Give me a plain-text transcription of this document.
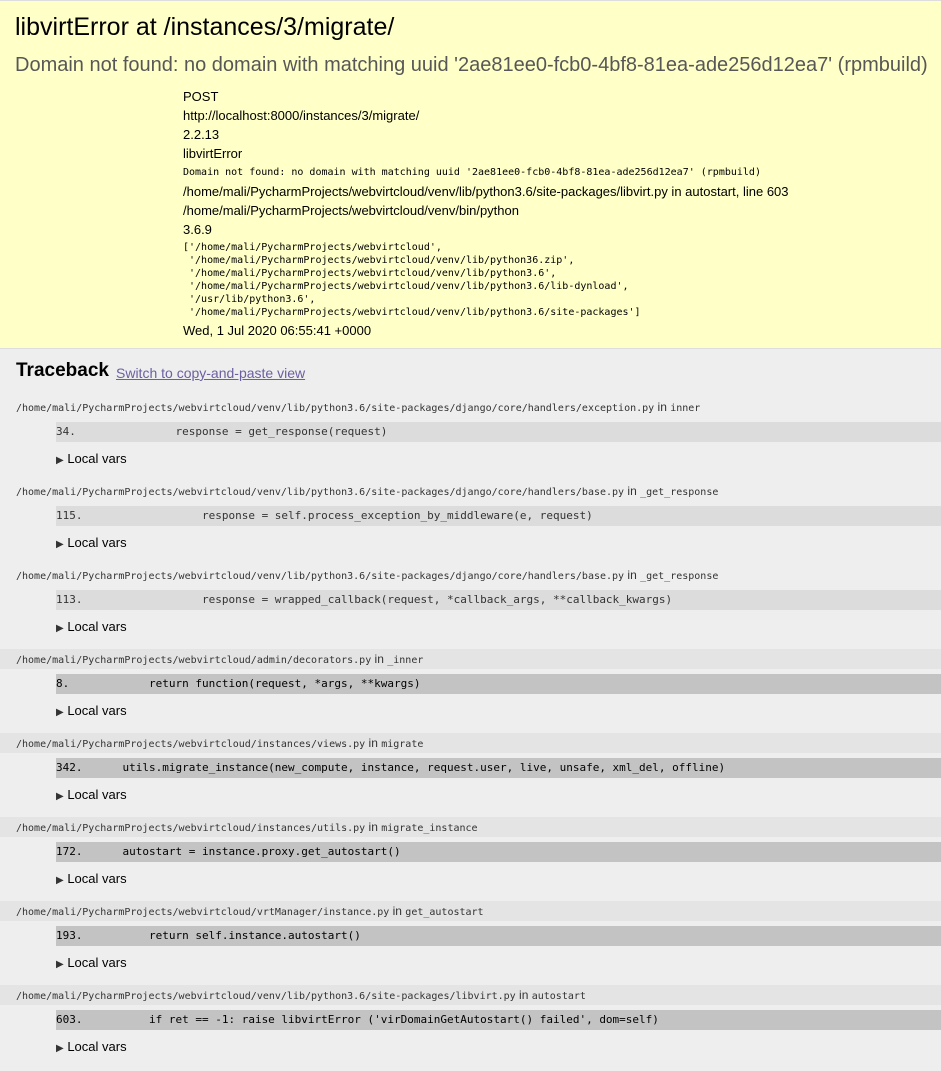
libvirtError at /instances/3/migrate/
Domain not found: no domain with matching uuid '2ae81ee0-fcb0-4bf8-81ea-ade256d12ea7' (rpmbuild)
POST
http://localhost:8000/instances/3/migrate/
2.2.13
libvirtError
Domain not found: no domain with matching uuid '2ae81ee0-fcb0-4bf8-81ea-ade256d12ea7' (rpmbuild)
/home/mali/PycharmProjects/webvirtcloud/venv/lib/python3.6/site-packages/libvirt.py in autostart, line 603
/home/mali/PycharmProjects/webvirtcloud/venv/bin/python
3.6.9
['/home/mali/PycharmProjects/webvirtcloud',
'/home/mali/PycharmProjects/webvirtcloud/venv/lib/python36.zip',
'/home/mali/PycharmProjects/webvirtcloud/venv/lib/python3.6',
'/home/mali/PycharmProjects/webvirtcloud/venv/lib/python3.6/lib-dynload',
'/usr/lib/python3.6',
'/home/mali/PycharmProjects/webvirtcloud/venv/lib/python3.6/site-packages']
Wed, 1 Jul 2020 06:55:41 +0000
Traceback Switch to copy-and-paste view
/home/mali/PycharmProjects/webvirtcloud/venv/lib/python3.6/site-packages/django/core/handlers/exception.py in inner
34. response = get_response(request)
▶ Local vars
/home/mali/PycharmProjects/webvirtcloud/venv/lib/python3.6/site-packages/django/core/handlers/base.py in _get_response
115. response = self.process_exception_by_middleware(e, request)
▶ Local vars
/home/mali/PycharmProjects/webvirtcloud/venv/lib/python3.6/site-packages/django/core/handlers/base.py in _get_response
113. response = wrapped_callback(request, *callback_args, **callback_kwargs)
▶ Local vars
/home/mali/PycharmProjects/webvirtcloud/admin/decorators.py in _inner
8. return function(request, *args, **kwargs)
▶ Local vars
/home/mali/PycharmProjects/webvirtcloud/instances/views.py in migrate
342. utils.migrate_instance(new_compute, instance, request.user, live, unsafe, xml_del, offline)
▶ Local vars
/home/mali/PycharmProjects/webvirtcloud/instances/utils.py in migrate_instance
172. autostart = instance.proxy.get_autostart()
▶ Local vars
/home/mali/PycharmProjects/webvirtcloud/vrtManager/instance.py in get_autostart
193. return self.instance.autostart()
▶ Local vars
/home/mali/PycharmProjects/webvirtcloud/venv/lib/python3.6/site-packages/libvirt.py in autostart
603. if ret == -1: raise libvirtError ('virDomainGetAutostart() failed', dom=self)
▶ Local vars
